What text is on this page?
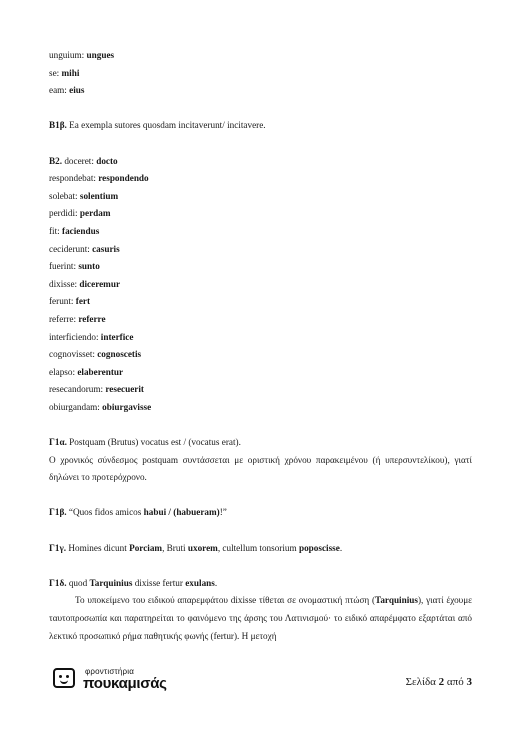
unguium: ungues
se: mihi
eam: eius
B1β. Ea exempla sutores quosdam incitaverunt/ incitavere.
B2. doceret: docto
respondebat: respondendo
solebat: solentium
perdidi: perdam
fit: faciendus
ceciderunt: casuris
fuerint: sunto
dixisse: diceremur
ferunt: fert
referre: referre
interficiendo: interfice
cognovisset: cognoscetis
elapso: elaberentur
resecandorum: resecuerit
obiurgandam: obiurgavisse
Γ1α. Postquam (Brutus) vocatus est / (vocatus erat).
Ο χρονικός σύνδεσμος postquam συντάσσεται με οριστική χρόνου παρακειμένου (ή υπερσυντελίκου), γιατί δηλώνει το προτερόχρονο.
Γ1β. “Quos fidos amicos habui / (habueram)!”
Γ1γ. Homines dicunt Porciam, Bruti uxorem, cultellum tonsorium poposcisse.
Γ1δ. quod Tarquinius dixisse fertur exulans.
Το υποκείμενο του ειδικού απαρεμφάτου dixisse τίθεται σε ονομαστική πτώση (Tarquinius), γιατί έχουμε ταυτοπροσωπία και παρατηρείται το φαινόμενο της άρσης του Λατινισμού· το ειδικό απαρέμφατο εξαρτάται από λεκτικό προσωπικό ρήμα παθητικής φωνής (fertur). Η μετοχή
φροντιστήρια
πουκαμισάς	Σελίδα 2 από 3
